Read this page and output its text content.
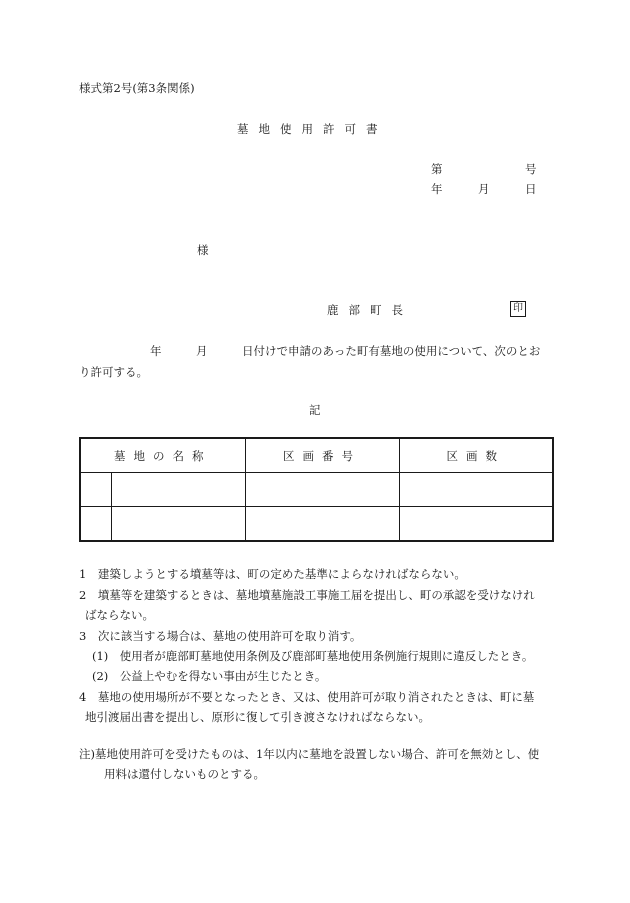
様式第2号(第3条関係)
墓地使用許可書
第	号
年	月	日
様
鹿部町長	印
年	月	日付けで申請のあった町有墓地の使用について、次のとお
り許可する。
記
墓地の名称		区画番号	区画数

1　建築しようとする墳墓等は、町の定めた基準によらなければならない。
2　墳墓等を建築するときは、墓地墳墓施設工事施工届を提出し、町の承認を受けなけれ
ばならない。
3　次に該当する場合は、墓地の使用許可を取り消す。
(1)　使用者が鹿部町墓地使用条例及び鹿部町墓地使用条例施行規則に違反したとき。
(2)　公益上やむを得ない事由が生じたとき。
4　墓地の使用場所が不要となったとき、又は、使用許可が取り消されたときは、町に墓
地引渡届出書を提出し、原形に復して引き渡さなければならない。
注)墓地使用許可を受けたものは、1年以内に墓地を設置しない場合、許可を無効とし、使
用料は還付しないものとする。
